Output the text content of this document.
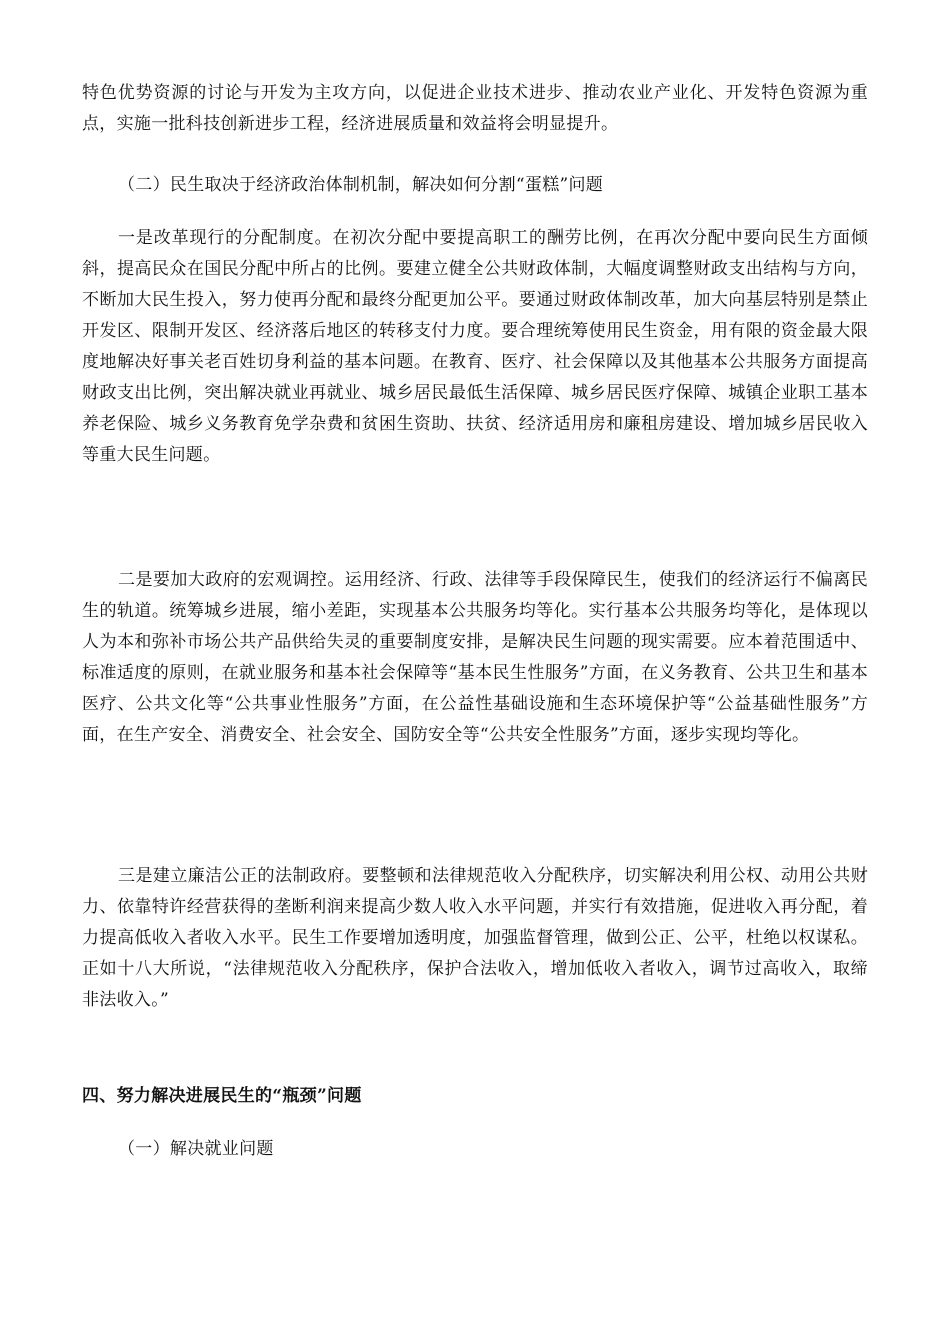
特色优势资源的讨论与开发为主攻方向，以促进企业技术进步、推动农业产业化、开发特色资源为重点，实施一批科技创新进步工程，经济进展质量和效益将会明显提升。

（二）民生取决于经济政治体制机制，解决如何分割“蛋糕”问题

一是改革现行的分配制度。在初次分配中要提高职工的酬劳比例，在再次分配中要向民生方面倾斜，提高民众在国民分配中所占的比例。要建立健全公共财政体制，大幅度调整财政支出结构与方向，不断加大民生投入，努力使再分配和最终分配更加公平。要通过财政体制改革，加大向基层特别是禁止开发区、限制开发区、经济落后地区的转移支付力度。要合理统筹使用民生资金，用有限的资金最大限度地解决好事关老百姓切身利益的基本问题。在教育、医疗、社会保障以及其他基本公共服务方面提高财政支出比例，突出解决就业再就业、城乡居民最低生活保障、城乡居民医疗保障、城镇企业职工基本养老保险、城乡义务教育免学杂费和贫困生资助、扶贫、经济适用房和廉租房建设、增加城乡居民收入等重大民生问题。

二是要加大政府的宏观调控。运用经济、行政、法律等手段保障民生，使我们的经济运行不偏离民生的轨道。统筹城乡进展，缩小差距，实现基本公共服务均等化。实行基本公共服务均等化，是体现以人为本和弥补市场公共产品供给失灵的重要制度安排，是解决民生问题的现实需要。应本着范围适中、标准适度的原则，在就业服务和基本社会保障等“基本民生性服务”方面，在义务教育、公共卫生和基本医疗、公共文化等“公共事业性服务”方面，在公益性基础设施和生态环境保护等“公益基础性服务”方面，在生产安全、消费安全、社会安全、国防安全等“公共安全性服务”方面，逐步实现均等化。

三是建立廉洁公正的法制政府。要整顿和法律规范收入分配秩序，切实解决利用公权、动用公共财力、依靠特许经营获得的垄断利润来提高少数人收入水平问题，并实行有效措施，促进收入再分配，着力提高低收入者收入水平。民生工作要增加透明度，加强监督管理，做到公正、公平，杜绝以权谋私。正如十八大所说，“法律规范收入分配秩序，保护合法收入，增加低收入者收入，调节过高收入，取缔非法收入。”

四、努力解决进展民生的“瓶颈”问题

（一）解决就业问题
